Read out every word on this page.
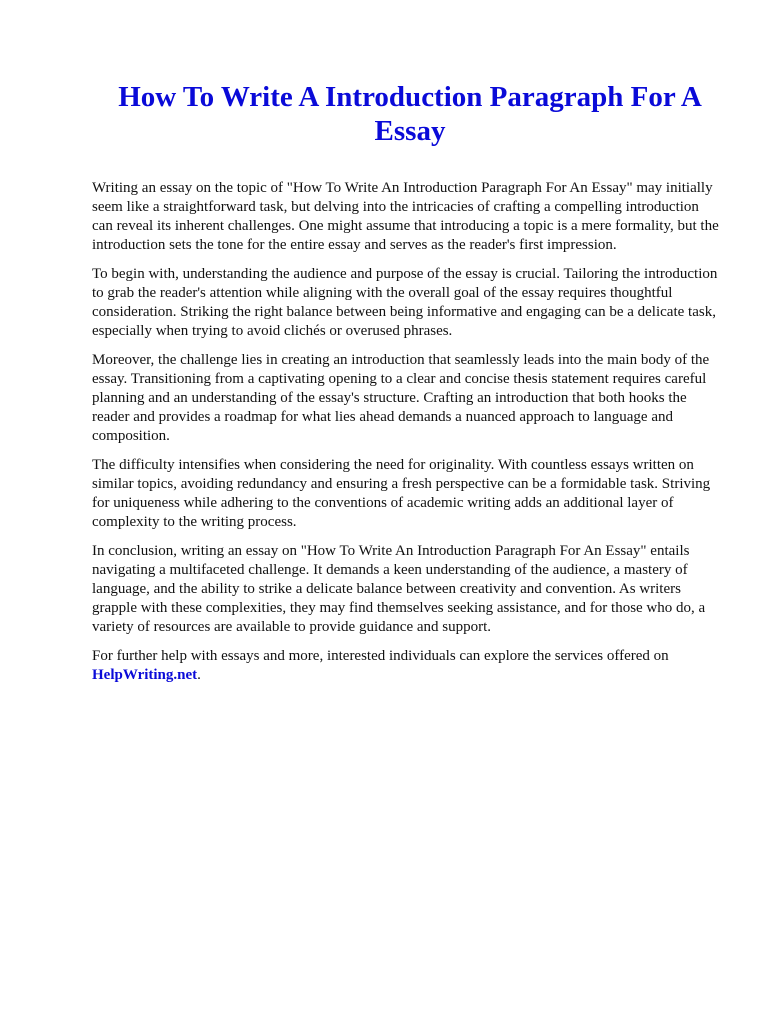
How To Write A Introduction Paragraph For A Essay

Writing an essay on the topic of "How To Write An Introduction Paragraph For An Essay" may initially seem like a straightforward task, but delving into the intricacies of crafting a compelling introduction can reveal its inherent challenges. One might assume that introducing a topic is a mere formality, but the introduction sets the tone for the entire essay and serves as the reader's first impression.

To begin with, understanding the audience and purpose of the essay is crucial. Tailoring the introduction to grab the reader's attention while aligning with the overall goal of the essay requires thoughtful consideration. Striking the right balance between being informative and engaging can be a delicate task, especially when trying to avoid clichés or overused phrases.

Moreover, the challenge lies in creating an introduction that seamlessly leads into the main body of the essay. Transitioning from a captivating opening to a clear and concise thesis statement requires careful planning and an understanding of the essay's structure. Crafting an introduction that both hooks the reader and provides a roadmap for what lies ahead demands a nuanced approach to language and composition.

The difficulty intensifies when considering the need for originality. With countless essays written on similar topics, avoiding redundancy and ensuring a fresh perspective can be a formidable task. Striving for uniqueness while adhering to the conventions of academic writing adds an additional layer of complexity to the writing process.

In conclusion, writing an essay on "How To Write An Introduction Paragraph For An Essay" entails navigating a multifaceted challenge. It demands a keen understanding of the audience, a mastery of language, and the ability to strike a delicate balance between creativity and convention. As writers grapple with these complexities, they may find themselves seeking assistance, and for those who do, a variety of resources are available to provide guidance and support.

For further help with essays and more, interested individuals can explore the services offered on
HelpWriting.net.
